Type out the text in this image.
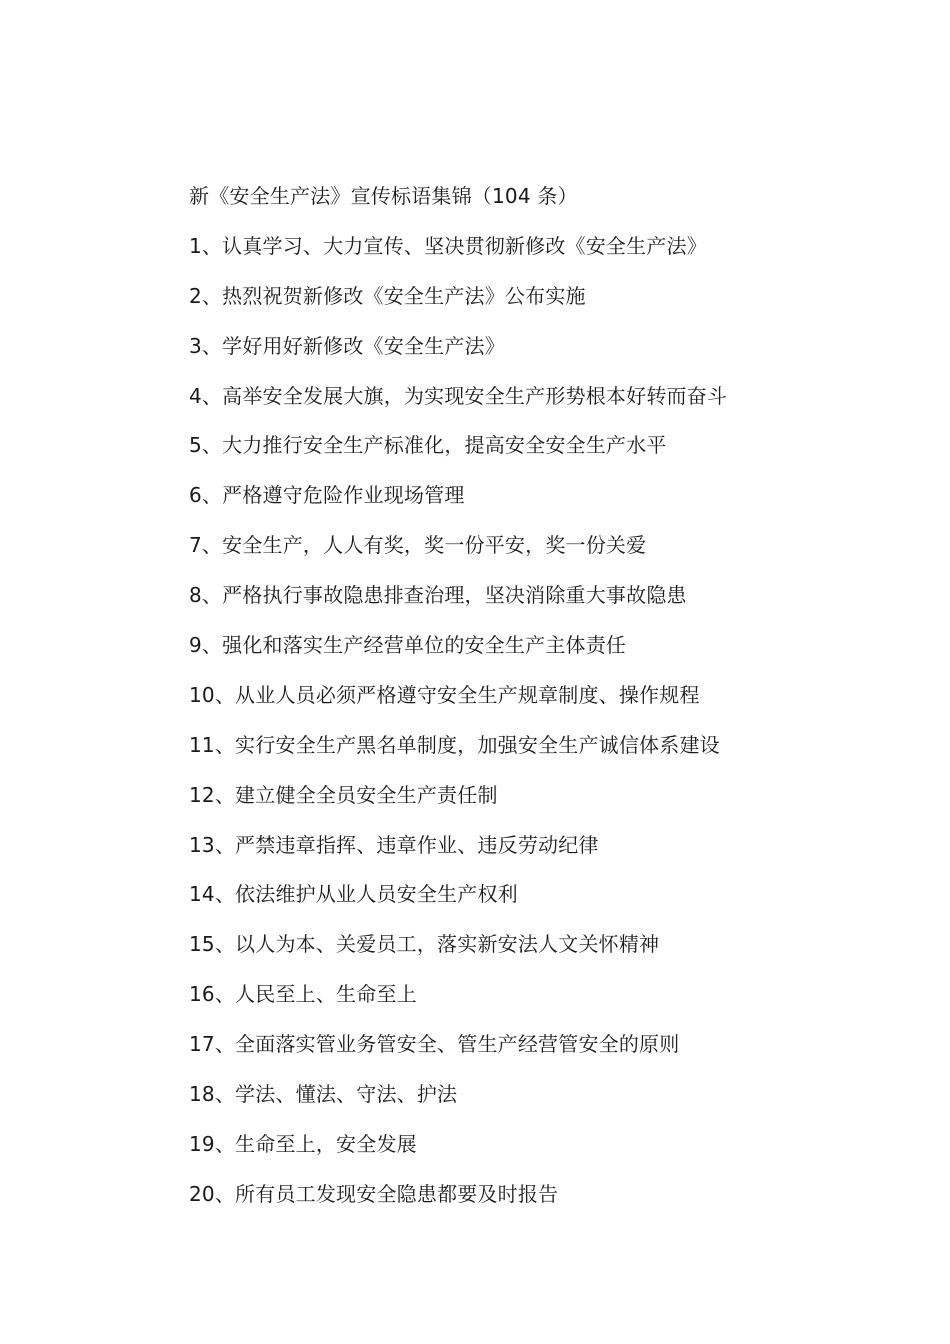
新《安全生产法》宣传标语集锦（104 条）

1、认真学习、大力宣传、坚决贯彻新修改《安全生产法》

2、热烈祝贺新修改《安全生产法》公布实施

3、学好用好新修改《安全生产法》

4、高举安全发展大旗，为实现安全生产形势根本好转而奋斗

5、大力推行安全生产标准化，提高安全安全生产水平

6、严格遵守危险作业现场管理

7、安全生产，人人有奖，奖一份平安，奖一份关爱

8、严格执行事故隐患排查治理，坚决消除重大事故隐患

9、强化和落实生产经营单位的安全生产主体责任

10、从业人员必须严格遵守安全生产规章制度、操作规程

11、实行安全生产黑名单制度，加强安全生产诚信体系建设

12、建立健全全员安全生产责任制

13、严禁违章指挥、违章作业、违反劳动纪律

14、依法维护从业人员安全生产权利

15、以人为本、关爱员工，落实新安法人文关怀精神

16、人民至上、生命至上

17、全面落实管业务管安全、管生产经营管安全的原则

18、学法、懂法、守法、护法

19、生命至上，安全发展

20、所有员工发现安全隐患都要及时报告
